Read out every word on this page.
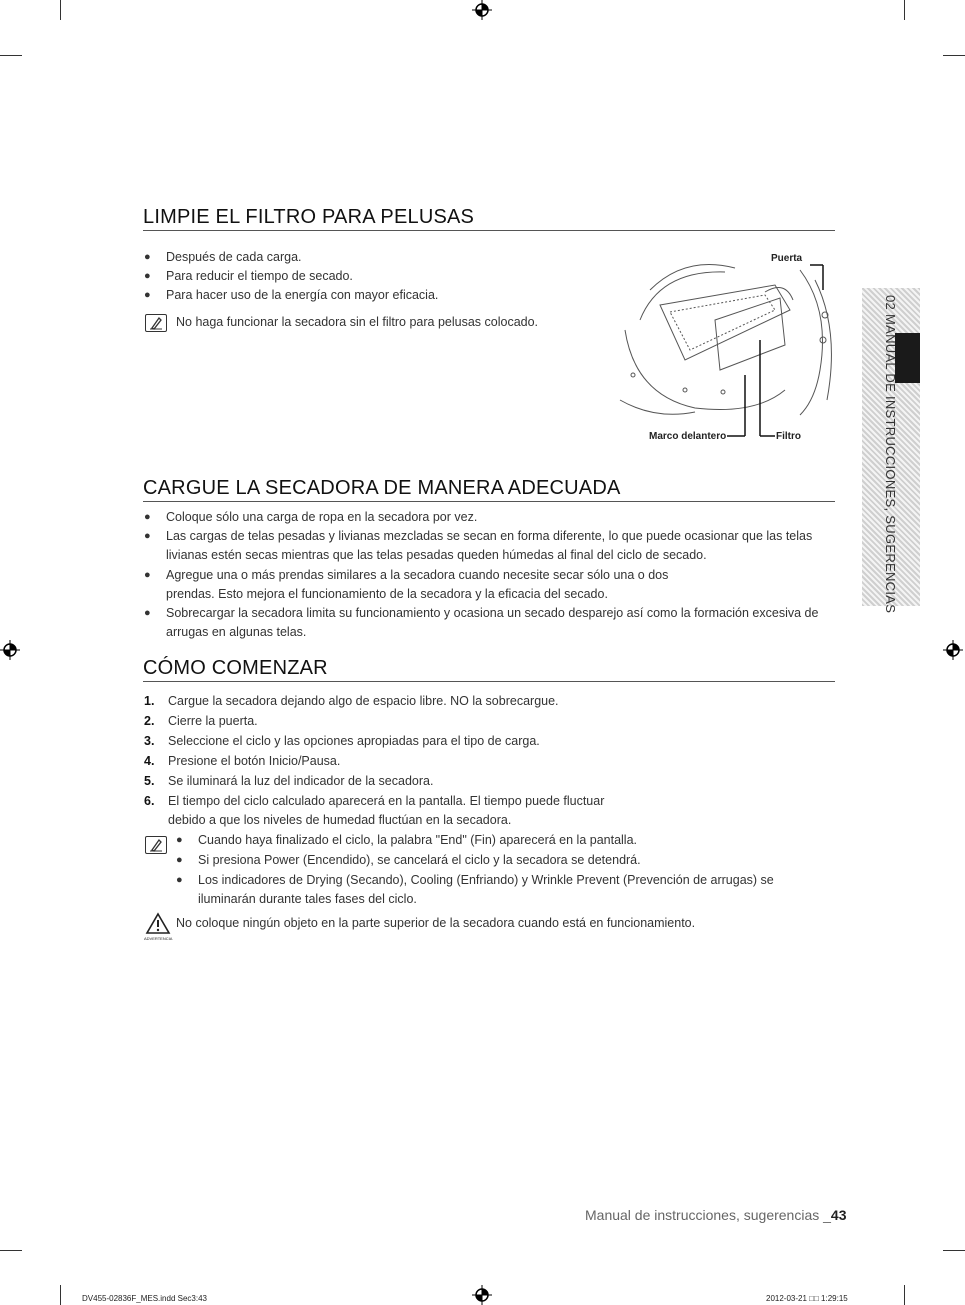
LIMPIE EL FILTRO PARA PELUSAS
● Después de cada carga.
● Para reducir el tiempo de secado.
● Para hacer uso de la energía con mayor eficacia.
No haga funcionar la secadora sin el filtro para pelusas colocado.
Puerta
Marco delantero	Filtro
CARGUE LA SECADORA DE MANERA ADECUADA
● Coloque sólo una carga de ropa en la secadora por vez.
● Las cargas de telas pesadas y livianas mezcladas se secan en forma diferente, lo que puede ocasionar que las telas livianas estén secas mientras que las telas pesadas queden húmedas al final del ciclo de secado.
● Agregue una o más prendas similares a la secadora cuando necesite secar sólo una o dos prendas. Esto mejora el funcionamiento de la secadora y la eficacia del secado.
● Sobrecargar la secadora limita su funcionamiento y ocasiona un secado desparejo así como la formación excesiva de arrugas en algunas telas.
CÓMO COMENZAR
1. Cargue la secadora dejando algo de espacio libre. NO la sobrecargue.
2. Cierre la puerta.
3. Seleccione el ciclo y las opciones apropiadas para el tipo de carga.
4. Presione el botón Inicio/Pausa.
5. Se iluminará la luz del indicador de la secadora.
6. El tiempo del ciclo calculado aparecerá en la pantalla. El tiempo puede fluctuar debido a que los niveles de humedad fluctúan en la secadora.
● Cuando haya finalizado el ciclo, la palabra "End" (Fin) aparecerá en la pantalla.
● Si presiona Power (Encendido), se cancelará el ciclo y la secadora se detendrá.
● Los indicadores de Drying (Secando), Cooling (Enfriando) y Wrinkle Prevent (Prevención de arrugas) se iluminarán durante tales fases del ciclo.
ADVERTENCIA
No coloque ningún objeto en la parte superior de la secadora cuando está en funcionamiento.
02 MANUAL DE INSTRUCCIONES, SUGERENCIAS
Manual de instrucciones, sugerencias _43
DV455-02836F_MES.indd Sec3:43	2012-03-21 □□ 1:29:15
